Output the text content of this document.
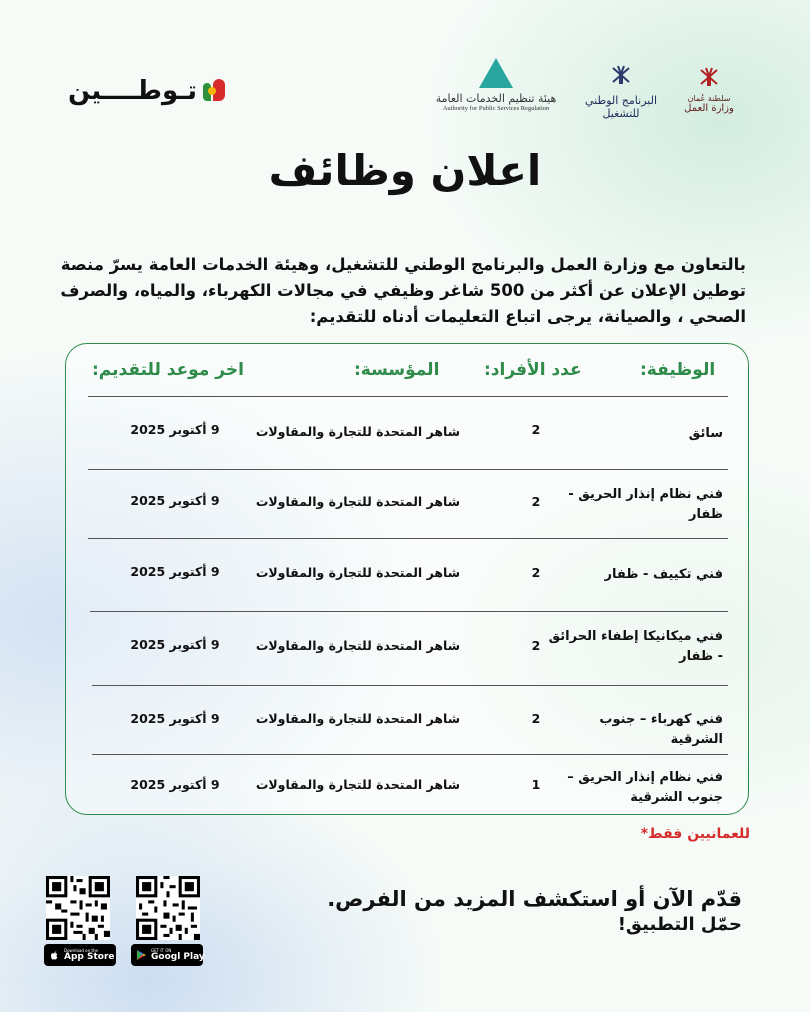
تـوطــــين	هيئة تنظيم الخدمات العامة
Authority for Public Services Regulation
البرنامج الوطني
للتشغيل
سلطنة عُمان
وزارة العمل
اعلان وظائف
بالتعاون مع وزارة العمل والبرنامج الوطني للتشغيل، وهيئة الخدمات العامة يسرّ منصة توطين الإعلان عن أكثر من 500 شاغر وظيفي في مجالات الكهرباء، والمياه، والصرف الصحي ، والصيانة، يرجى اتباع التعليمات أدناه للتقديم:
الوظيفة:
عدد الأفراد:
المؤسسة:
اخر موعد للتقديم:
سائق
2
شاهر المتحدة للتجارة والمقاولات
9 أكتوبر 2025
فني نظام إنذار الحريق - ظفار
2
شاهر المتحدة للتجارة والمقاولات
9 أكتوبر 2025
فني تكييف - ظفار
2
شاهر المتحدة للتجارة والمقاولات
9 أكتوبر 2025
فني ميكانيكا إطفاء الحرائق - ظفار
2
شاهر المتحدة للتجارة والمقاولات
9 أكتوبر 2025
فني كهرباء – جنوب الشرقية
2
شاهر المتحدة للتجارة والمقاولات
9 أكتوبر 2025
فني نظام إنذار الحريق – جنوب الشرقية
1
شاهر المتحدة للتجارة والمقاولات
9 أكتوبر 2025
للعمانيين فقط*
قدّم الآن أو استكشف المزيد من الفرص.
حمّل التطبيق!
Download on the
App Store
GET IT ON
Googl Play
